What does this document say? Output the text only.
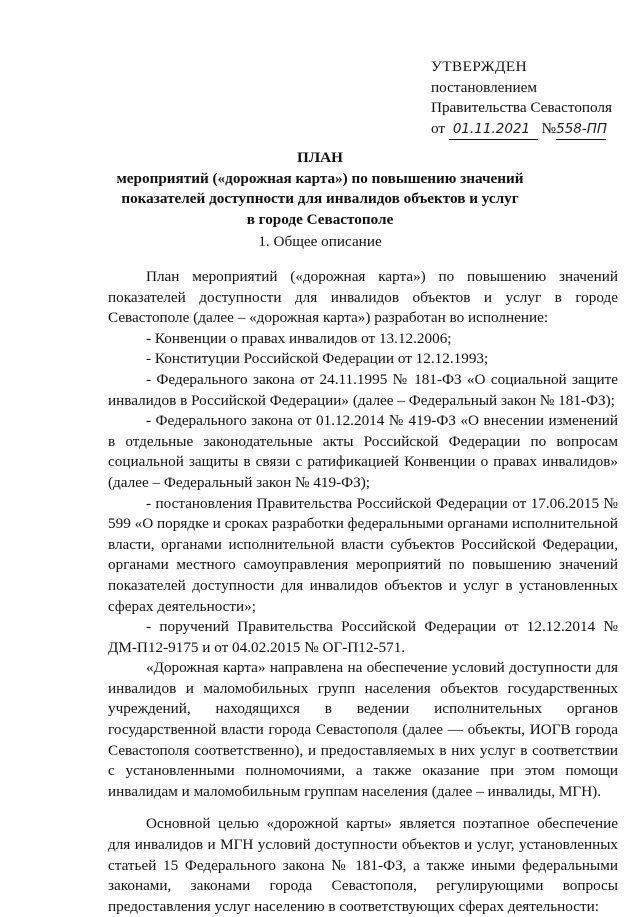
УТВЕРЖДЕН
постановлением
Правительства Севастополя
от 01.11.2021 №558-ПП
ПЛАН
мероприятий («дорожная карта») по повышению значений
показателей доступности для инвалидов объектов и услуг
в городе Севастополе
1. Общее описание

План мероприятий («дорожная карта») по повышению значений показателей доступности для инвалидов объектов и услуг в городе Севастополе (далее – «дорожная карта») разработан во исполнение:

- Конвенции о правах инвалидов от 13.12.2006;

- Конституции Российской Федерации от 12.12.1993;

- Федерального закона от 24.11.1995 № 181-ФЗ «О социальной защите инвалидов в Российской Федерации» (далее – Федеральный закон № 181-ФЗ);

- Федерального закона от 01.12.2014 № 419-ФЗ «О внесении изменений в отдельные законодательные акты Российской Федерации по вопросам социальной защиты в связи с ратификацией Конвенции о правах инвалидов» (далее – Федеральный закон № 419-ФЗ);

- постановления Правительства Российской Федерации от 17.06.2015 № 599 «О порядке и сроках разработки федеральными органами исполнительной власти, органами исполнительной власти субъектов Российской Федерации, органами местного самоуправления мероприятий по повышению значений показателей доступности для инвалидов объектов и услуг в установленных сферах деятельности»;

- поручений Правительства Российской Федерации от 12.12.2014 № ДМ-П12-9175 и от 04.02.2015 № ОГ-П12-571.

«Дорожная карта» направлена на обеспечение условий доступности для инвалидов и маломобильных групп населения объектов государственных учреждений, находящихся в ведении исполнительных органов государственной власти города Севастополя (далее — объекты, ИОГВ города Севастополя соответственно), и предоставляемых в них услуг в соответствии с установленными полномочиями, а также оказание при этом помощи инвалидам и маломобильным группам населения (далее – инвалиды, МГН).

Основной целью «дорожной карты» является поэтапное обеспечение для инвалидов и МГН условий доступности объектов и услуг, установленных статьей 15 Федерального закона № 181-ФЗ, а также иными федеральными законами, законами города Севастополя, регулирующими вопросы предоставления услуг населению в соответствующих сферах деятельности:
